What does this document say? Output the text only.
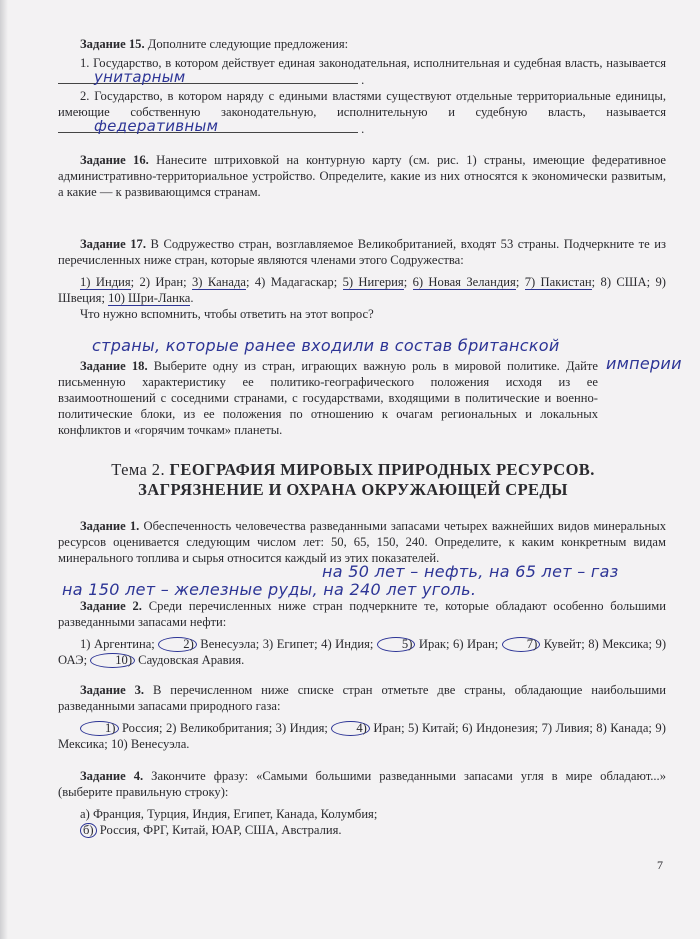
Задание 15. Дополните следующие предложения:

1. Государство, в котором действует единая законодательная, исполнительная и судебная власть, называется
унитарным	.

2. Государство, в котором наряду с едиными властями существуют отдельные территориальные единицы, имеющие собственную законодательную, исполнительную и судебную власть, называется
федеративным	.

Задание 16. Нанесите штриховкой на контурную карту (см. рис. 1) страны, имеющие федеративное административно-территориальное устройство. Определите, какие из них относятся к экономически развитым, а какие — к развивающимся странам.

Задание 17. В Содружество стран, возглавляемое Великобританией, входят 53 страны. Подчеркните те из перечисленных ниже стран, которые являются членами этого Содружества:

1) Индия; 2) Иран; 3) Канада; 4) Мадагаскар; 5) Нигерия; 6) Новая Зеландия; 7) Пакистан; 8) США; 9) Швеция; 10) Шри-Ланка.

Что нужно вспомнить, чтобы ответить на этот вопрос?

страны, которые ранее входили в состав британской
империи

Задание 18. Выберите одну из стран, играющих важную роль в мировой политике. Дайте письменную характеристику ее политико-географического положения исходя из ее взаимоотношений с соседними странами, с государствами, входящими в политические и военно-политические блоки, из ее положения по отношению к очагам региональных и локальных конфликтов и «горячим точкам» планеты.

Тема 2. ГЕОГРАФИЯ МИРОВЫХ ПРИРОДНЫХ РЕСУРСОВ.
ЗАГРЯЗНЕНИЕ И ОХРАНА ОКРУЖАЮЩЕЙ СРЕДЫ

Задание 1. Обеспеченность человечества разведанными запасами четырех важнейших видов минеральных ресурсов оценивается следующим числом лет: 50, 65, 150, 240. Определите, к каким конкретным видам минерального топлива и сырья относится каждый из этих показателей.

на 50 лет – нефть, на 65 лет – газ
на 150 лет – железные руды, на 240 лет уголь.

Задание 2. Среди перечисленных ниже стран подчеркните те, которые обладают особенно большими разведанными запасами нефти:

1) Аргентина; 2) Венесуэла; 3) Египет; 4) Индия; 5) Ирак; 6) Иран; 7) Кувейт; 8) Мексика; 9) ОАЭ; 10) Саудовская Аравия.

Задание 3. В перечисленном ниже списке стран отметьте две страны, обладающие наибольшими разведанными запасами природного газа:

1) Россия; 2) Великобритания; 3) Индия; 4) Иран; 5) Китай; 6) Индонезия; 7) Ливия; 8) Канада; 9) Мексика; 10) Венесуэла.

Задание 4. Закончите фразу: «Самыми большими разведанными запасами угля в мире обладают...» (выберите правильную строку):

а) Франция, Турция, Индия, Египет, Канада, Колумбия;
б) Россия, ФРГ, Китай, ЮАР, США, Австралия.
7
